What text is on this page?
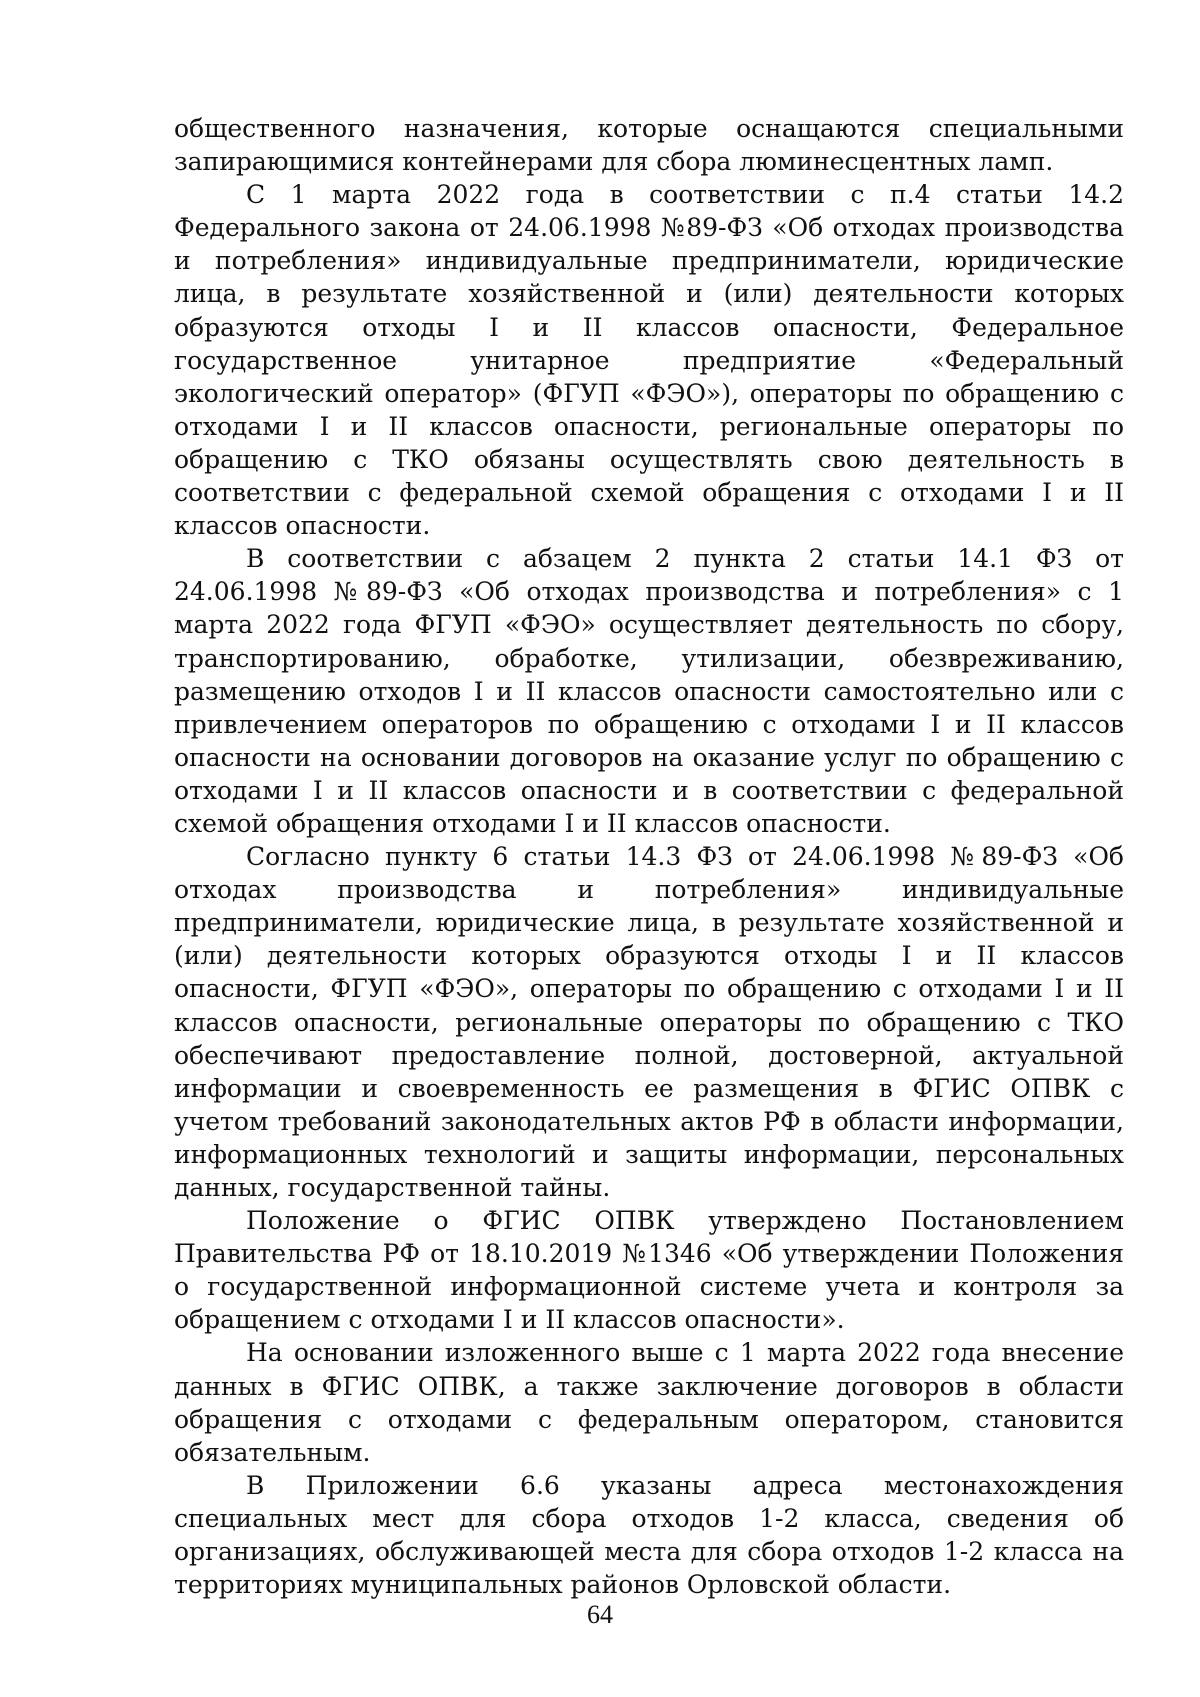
общественного назначения, которые оснащаются специальными запирающимися контейнерами для сбора люминесцентных ламп.

С 1 марта 2022 года в соответствии с п.4 статьи 14.2 Федерального закона от 24.06.1998 №89-ФЗ «Об отходах производства и потребления» индивидуальные предприниматели, юридические лица, в результате хозяйственной и (или) деятельности которых образуются отходы I и II классов опасности, Федеральное государственное унитарное предприятие «Федеральный экологический оператор» (ФГУП «ФЭО»), операторы по обращению с отходами I и II классов опасности, региональные операторы по обращению с ТКО обязаны осуществлять свою деятельность в соответствии с федеральной схемой обращения с отходами I и II классов опасности.

В соответствии с абзацем 2 пункта 2 статьи 14.1 ФЗ от 24.06.1998 №89-ФЗ «Об отходах производства и потребления» с 1 марта 2022 года ФГУП «ФЭО» осуществляет деятельность по сбору, транспортированию, обработке, утилизации, обезвреживанию, размещению отходов I и II классов опасности самостоятельно или с привлечением операторов по обращению с отходами I и II классов опасности на основании договоров на оказание услуг по обращению с отходами I и II классов опасности и в соответствии с федеральной схемой обращения отходами I и II классов опасности.

Согласно пункту 6 статьи 14.3 ФЗ от 24.06.1998 №89-ФЗ «Об отходах производства и потребления» индивидуальные предприниматели, юридические лица, в результате хозяйственной и (или) деятельности которых образуются отходы I и II классов опасности, ФГУП «ФЭО», операторы по обращению с отходами I и II классов опасности, региональные операторы по обращению с ТКО обеспечивают предоставление полной, достоверной, актуальной информации и своевременность ее размещения в ФГИС ОПВК с учетом требований законодательных актов РФ в области информации, информационных технологий и защиты информации, персональных данных, государственной тайны.

Положение о ФГИС ОПВК утверждено Постановлением Правительства РФ от 18.10.2019 №1346 «Об утверждении Положения о государственной информационной системе учета и контроля за обращением с отходами I и II классов опасности».

На основании изложенного выше с 1 марта 2022 года внесение данных в ФГИС ОПВК, а также заключение договоров в области обращения с отходами с федеральным оператором, становится обязательным.

В Приложении 6.6 указаны адреса местонахождения специальных мест для сбора отходов 1-2 класса, сведения об организациях, обслуживающей места для сбора отходов 1-2 класса на территориях муниципальных районов Орловской области.

64
